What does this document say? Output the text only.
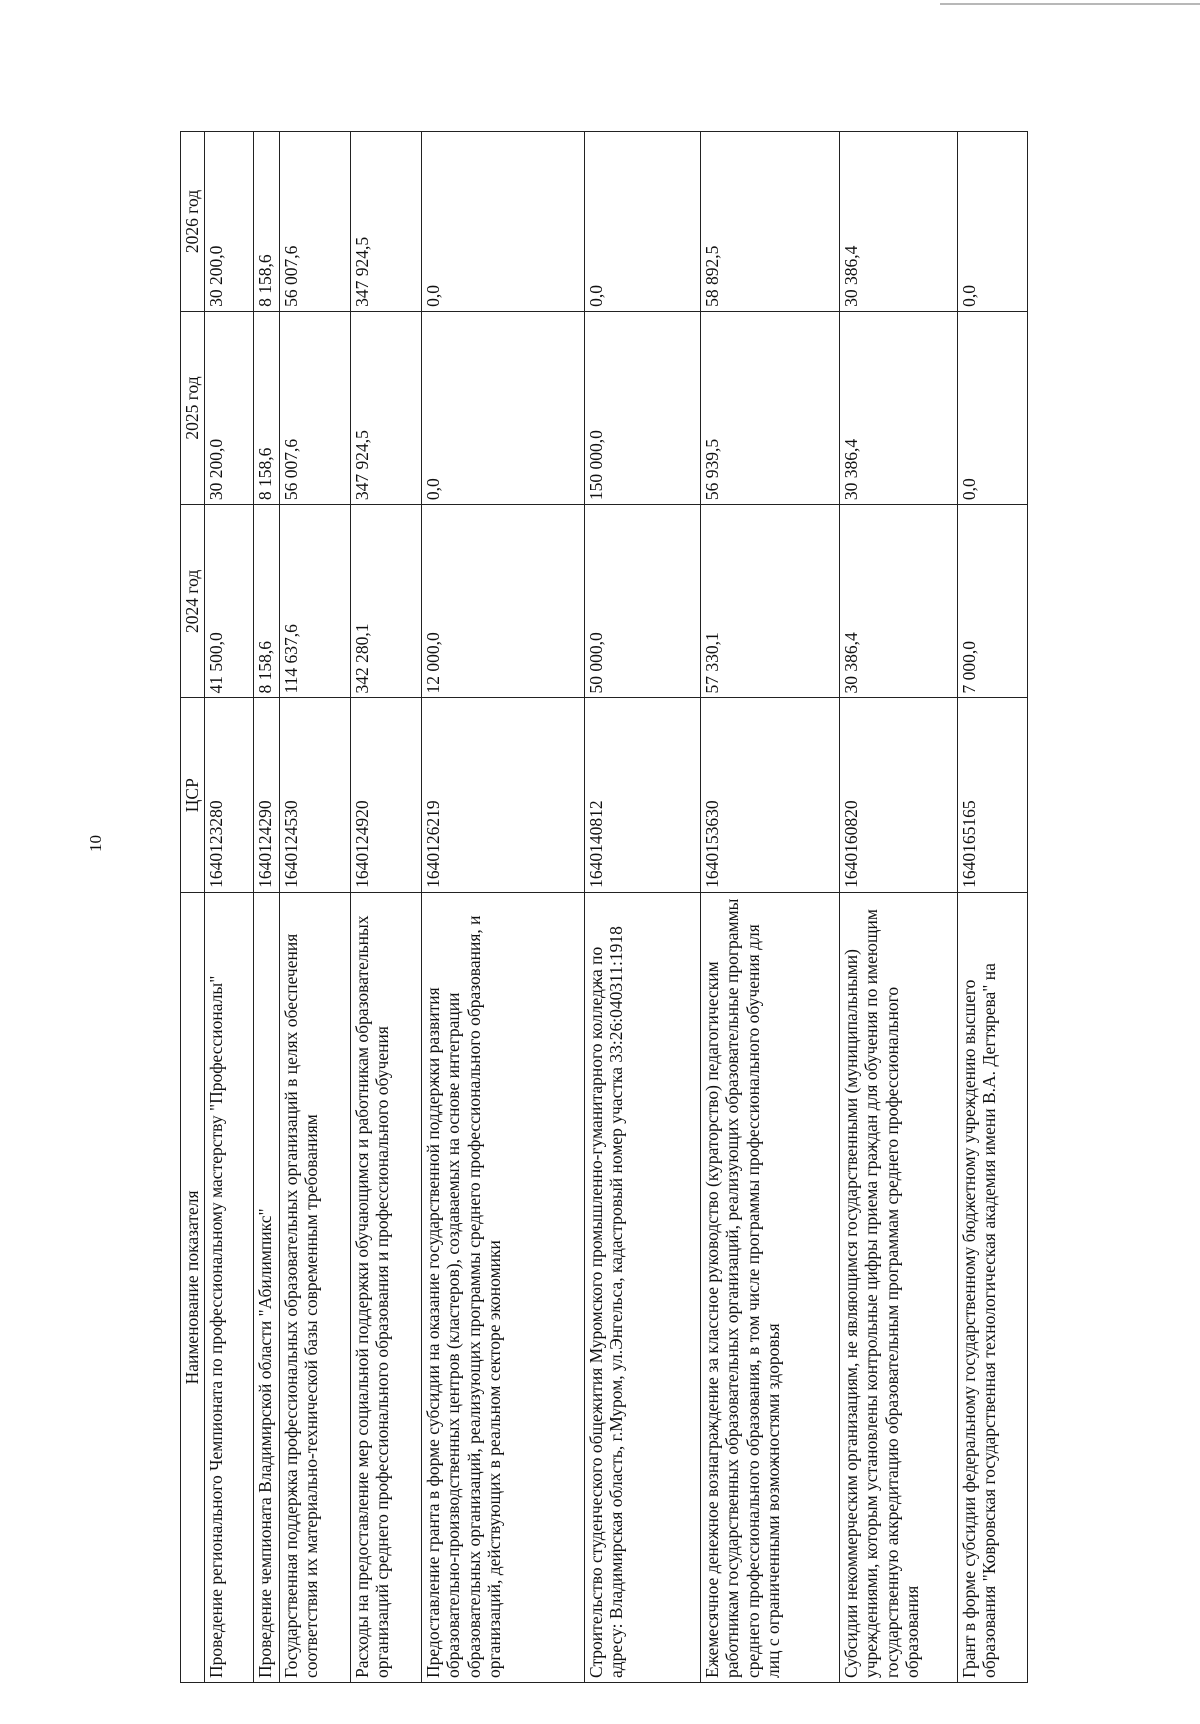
10
Наименование показателя	ЦСР	2024 год	2025 год	2026 год
Проведение регионального Чемпионата по профессиональному мастерству "Профессионалы"	1640123280	41 500,0	30 200,0	30 200,0
Проведение чемпионата Владимирской области "Абилимпикс"	1640124290	8 158,6	8 158,6	8 158,6
Государственная поддержка профессиональных образовательных организаций в целях обеспечения соответствия их материально-технической базы современным требованиям	1640124530	114 637,6	56 007,6	56 007,6
Расходы на предоставление мер социальной поддержки обучающимся и работникам образовательных организаций среднего профессионального образования и профессионального обучения	1640124920	342 280,1	347 924,5	347 924,5
Предоставление гранта в форме субсидии на оказание государственной поддержки развития образовательно-производственных центров (кластеров), создаваемых на основе интеграции образовательных организаций, реализующих программы среднего профессионального образования, и организаций, действующих в реальном секторе экономики	1640126219	12 000,0	0,0	0,0
Строительство студенческого общежития Муромского промышленно-гуманитарного колледжа по адресу: Владимирская область, г.Муром, ул.Энгельса, кадастровый номер участка 33:26:040311:1918	1640140812	50 000,0	150 000,0	0,0
Ежемесячное денежное вознаграждение за классное руководство (кураторство) педагогическим работникам государственных образовательных организаций, реализующих образовательные программы среднего профессионального образования, в том числе программы профессионального обучения для лиц с ограниченными возможностями здоровья	1640153630	57 330,1	56 939,5	58 892,5
Субсидии некоммерческим организациям, не являющимся государственными (муниципальными) учреждениями, которым установлены контрольные цифры приема граждан для обучения по имеющим государственную аккредитацию образовательным программам среднего профессионального образования	1640160820	30 386,4	30 386,4	30 386,4
Грант в форме субсидии федеральному государственному бюджетному учреждению высшего образования "Ковровская государственная технологическая академия имени В.А. Дегтярева" на	1640165165	7 000,0	0,0	0,0
